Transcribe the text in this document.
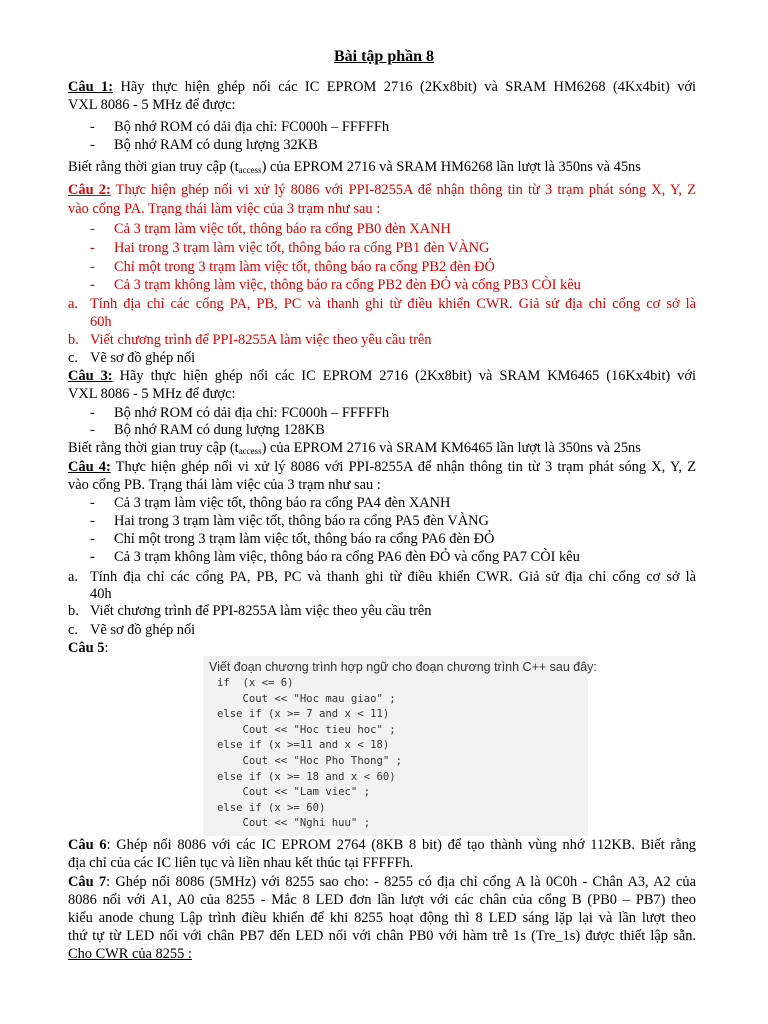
Bài tập phần 8
Câu 1: Hãy thực hiện ghép nối các IC EPROM 2716 (2Kx8bit) và SRAM HM6268 (4Kx4bit) với
VXL 8086 - 5 MHz để được:
- Bộ nhớ ROM có dải địa chỉ: FC000h – FFFFFh
- Bộ nhớ RAM có dung lượng 32KB
Biết rằng thời gian truy cập $(t_{access})$ của EPROM 2716 và SRAM HM6268 lần lượt là 350ns và 45ns
Câu 2: Thực hiện ghép nối vi xử lý 8086 với PPI-8255A để nhận thông tin từ 3 trạm phát sóng X, Y, Z
vào cổng PA. Trạng thái làm việc của 3 trạm như sau :
- Cả 3 trạm làm việc tốt, thông báo ra cổng PB0 đèn XANH
- Hai trong 3 trạm làm việc tốt, thông báo ra cổng PB1 đèn VÀNG
- Chỉ một trong 3 trạm làm việc tốt, thông báo ra cổng PB2 đèn ĐỎ
- Cả 3 trạm không làm việc, thông báo ra cổng PB2 đèn ĐỎ và cổng PB3 CÒI kêu
a. Tính địa chỉ các cổng PA, PB, PC và thanh ghi từ điều khiển CWR. Giả sử địa chỉ cổng cơ sở là
60h
b. Viết chương trình để PPI-8255A làm việc theo yêu cầu trên
c. Vẽ sơ đồ ghép nối
Câu 3: Hãy thực hiện ghép nối các IC EPROM 2716 (2Kx8bit) và SRAM KM6465 (16Kx4bit) với
VXL 8086 - 5 MHz để được:
- Bộ nhớ ROM có dải địa chỉ: FC000h – FFFFFh
- Bộ nhớ RAM có dung lượng 128KB
Biết rằng thời gian truy cập $(t_{access})$ của EPROM 2716 và SRAM KM6465 lần lượt là 350ns và 25ns
Câu 4: Thực hiện ghép nối vi xử lý 8086 với PPI-8255A để nhận thông tin từ 3 trạm phát sóng X, Y, Z
vào cổng PB. Trạng thái làm việc của 3 trạm như sau :
- Cả 3 trạm làm việc tốt, thông báo ra cổng PA4 đèn XANH
- Hai trong 3 trạm làm việc tốt, thông báo ra cổng PA5 đèn VÀNG
- Chỉ một trong 3 trạm làm việc tốt, thông báo ra cổng PA6 đèn ĐỎ
- Cả 3 trạm không làm việc, thông báo ra cổng PA6 đèn ĐỎ và cổng PA7 CÒI kêu
a. Tính địa chỉ các cổng PA, PB, PC và thanh ghi từ điều khiển CWR. Giả sử địa chỉ cổng cơ sở là
40h
b. Viết chương trình để PPI-8255A làm việc theo yêu cầu trên
c. Vẽ sơ đồ ghép nối
Câu 5:
Viết đoạn chương trình hợp ngữ cho đoạn chương trình C++ sau đây:
if  (x <= 6)
Cout << "Hoc mau giao" ;
else if (x >= 7 and x < 11)
Cout << "Hoc tieu hoc" ;
else if (x >=11 and x < 18)
Cout << "Hoc Pho Thong" ;
else if (x >= 18 and x < 60)
Cout << "Lam viec" ;
else if (x >= 60)
Cout << "Nghi huu" ;
Câu 6: Ghép nối 8086 với các IC EPROM 2764 (8KB 8 bit) để tạo thành vùng nhớ 112KB. Biết rằng
địa chỉ của các IC liên tục và liền nhau kết thúc tại FFFFFh.
Câu 7: Ghép nối 8086 (5MHz) với 8255 sao cho: - 8255 có địa chỉ cổng A là 0C0h - Chân A3, A2 của
8086 nối với A1, A0 của 8255 - Mắc 8 LED đơn lần lượt với các chân của cổng B (PB0 – PB7) theo
kiểu anode chung Lập trình điều khiển để khi 8255 hoạt động thì 8 LED sáng lặp lại và lần lượt theo
thứ tự từ LED nối với chân PB7 đến LED nối với chân PB0 với hàm trễ 1s (Tre_1s) được thiết lập sẵn.
Cho CWR của 8255 :
